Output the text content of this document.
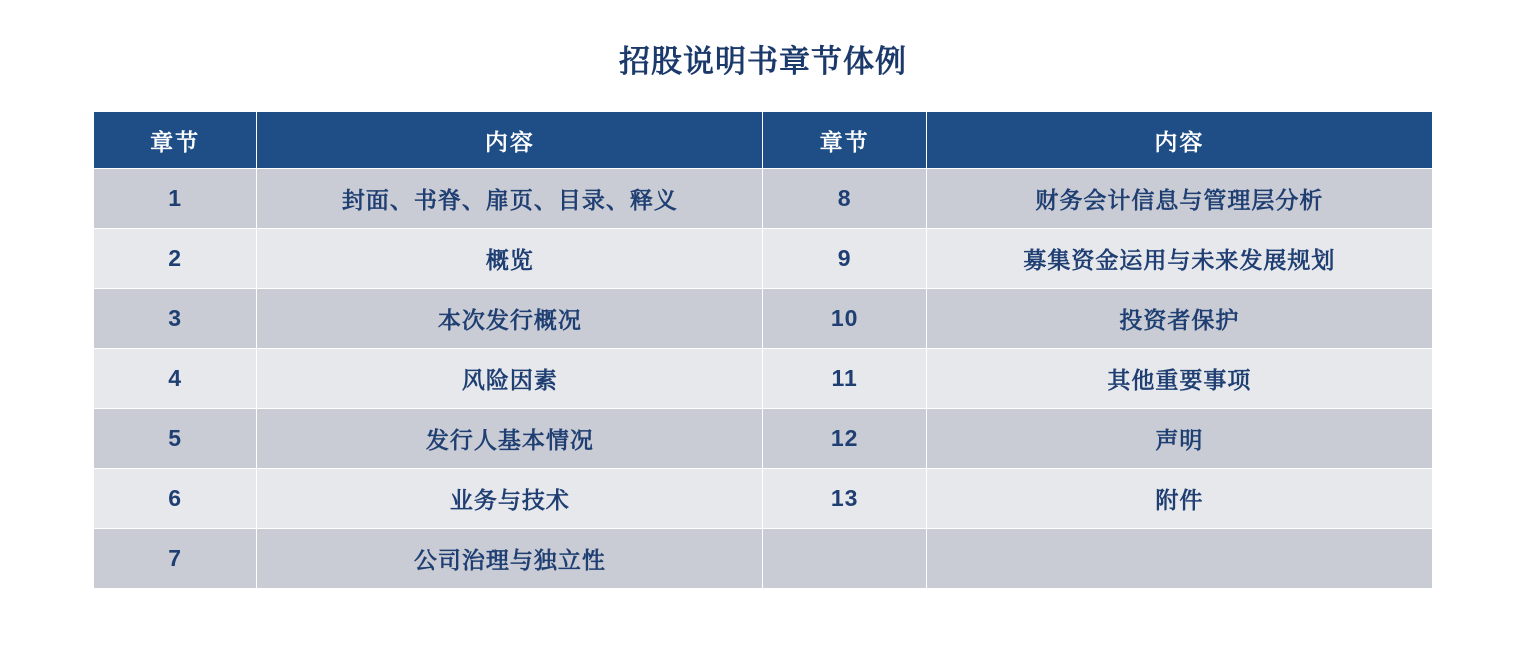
招股说明书章节体例
章节	内容	章节	内容
1	封面、书脊、扉页、目录、释义	8	财务会计信息与管理层分析
2	概览	9	募集资金运用与未来发展规划
3	本次发行概况	10	投资者保护
4	风险因素	11	其他重要事项
5	发行人基本情况	12	声明
6	业务与技术	13	附件
7	公司治理与独立性		
